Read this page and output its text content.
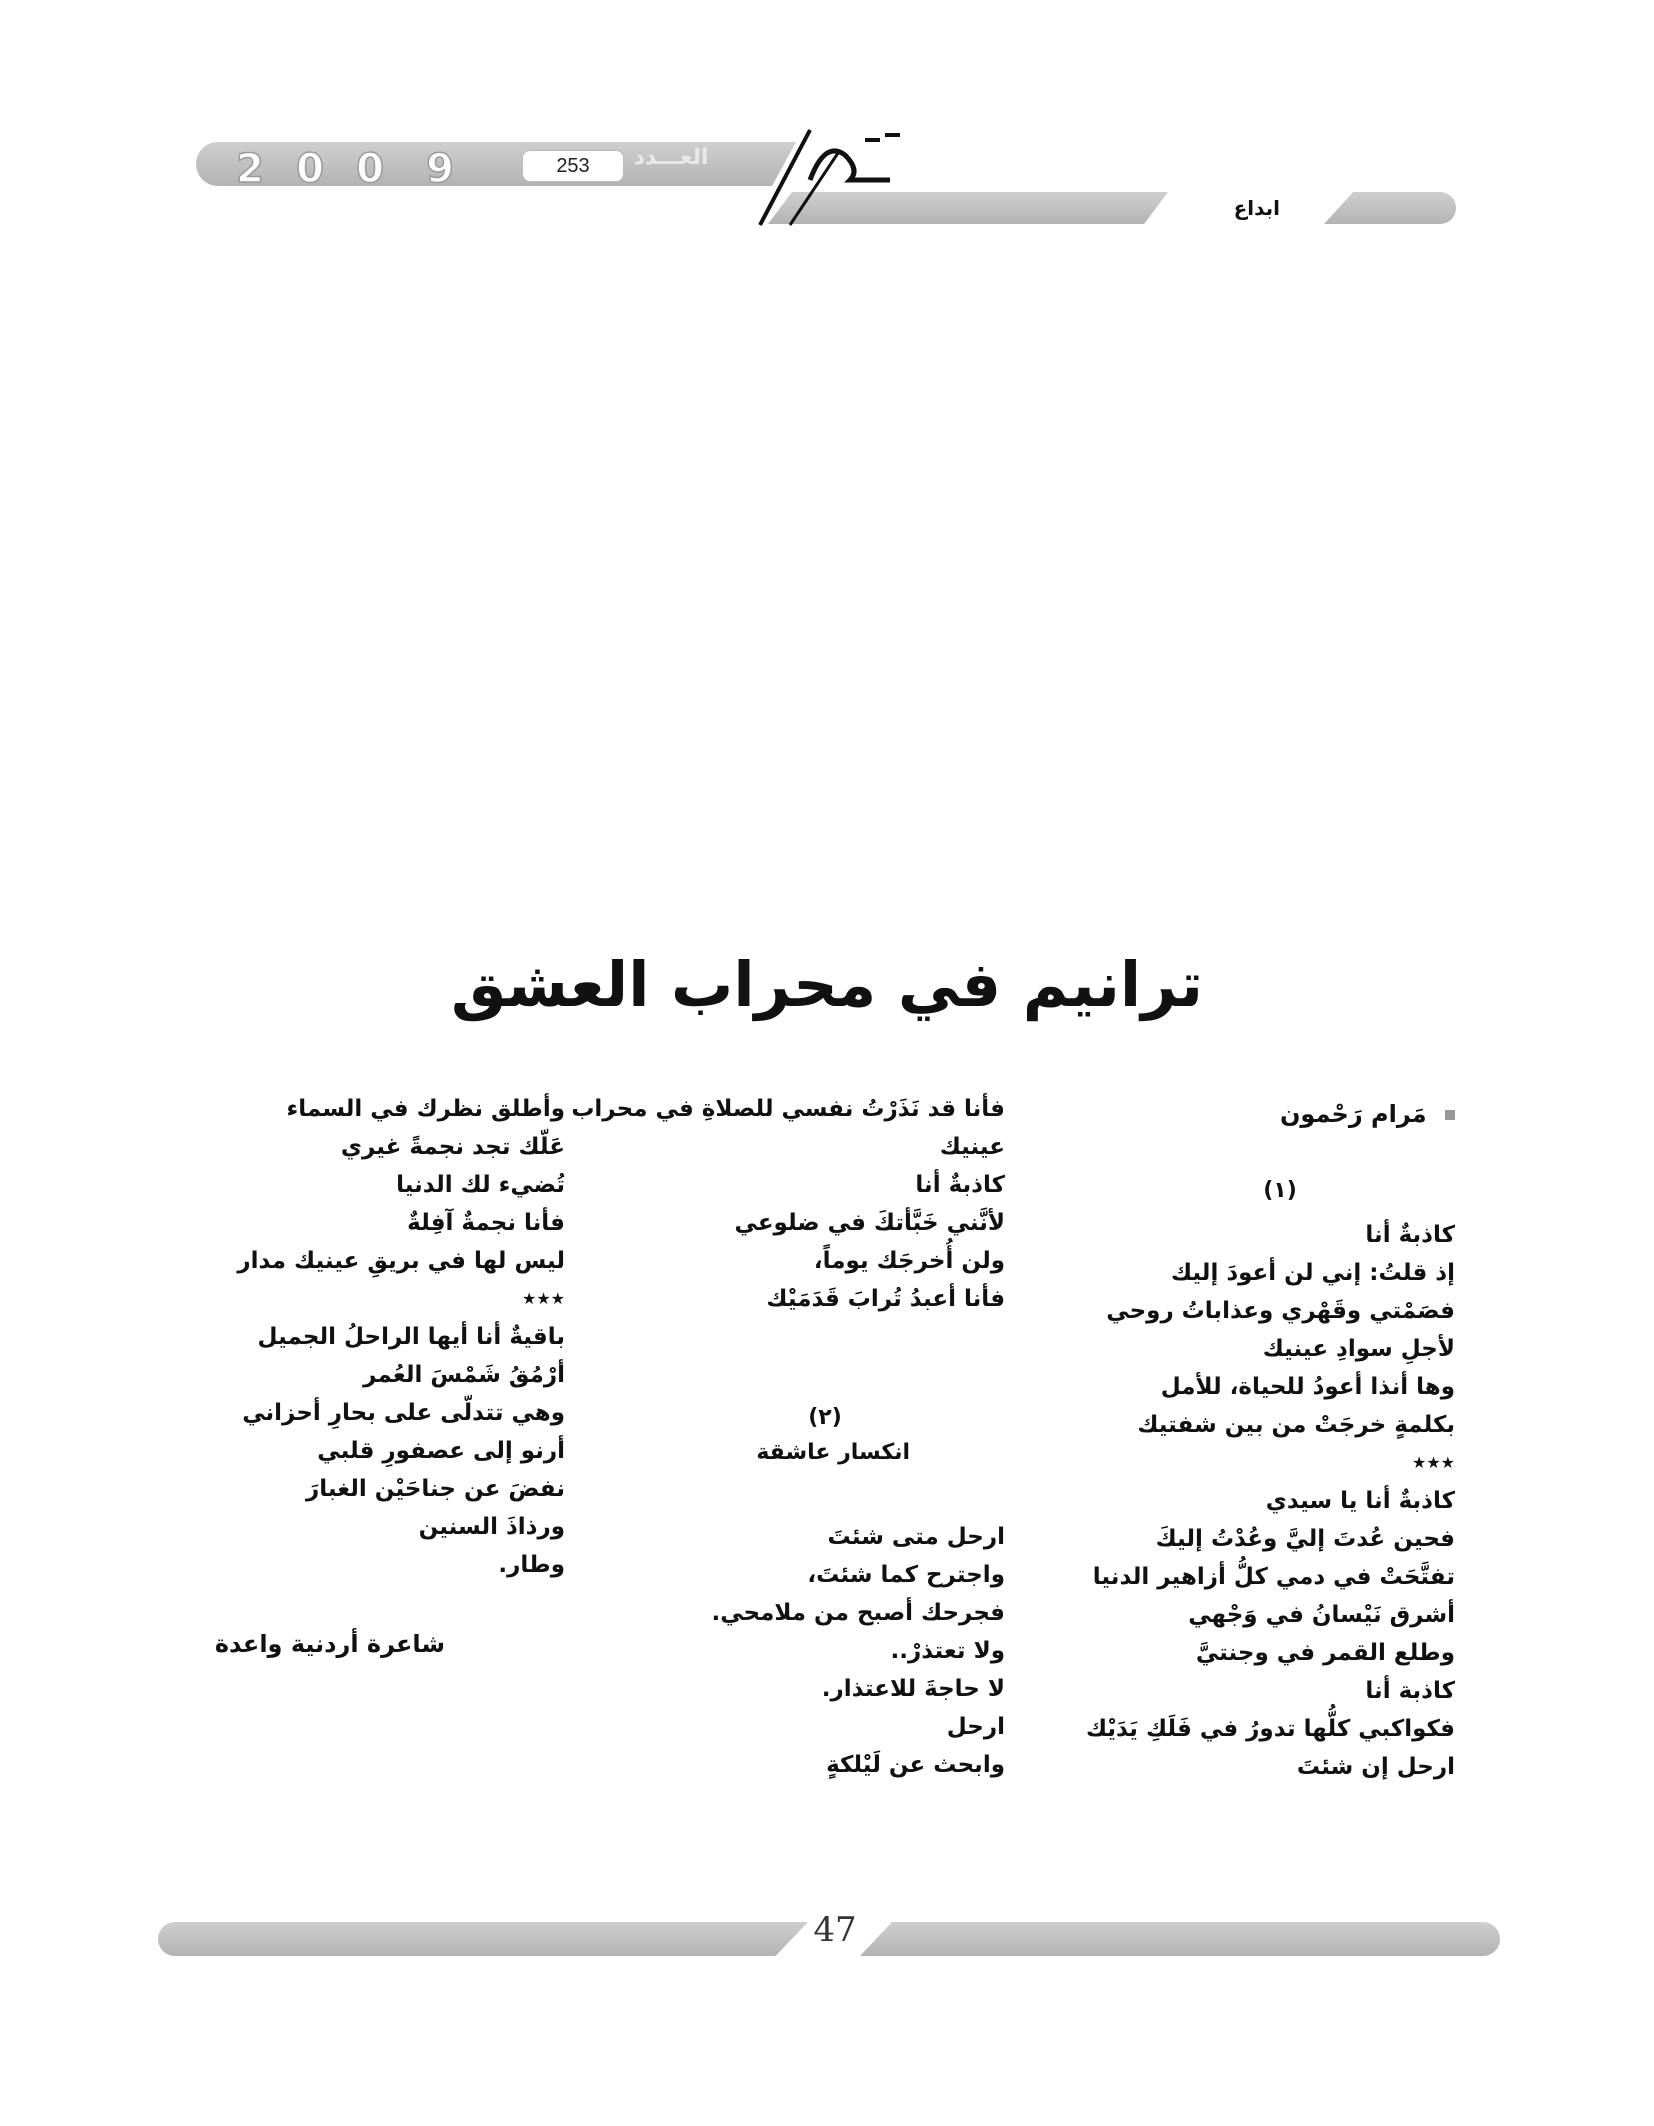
2 0 0 9	253	العـــدد
ابداع
ترانيم في محراب العشق
مَرام رَحْمون
(١)
كاذبةٌ أنا
إذ قلتُ: إني لن أعودَ إليك
فصَمْتي وقَهْري وعذاباتُ روحي
لأجلِ سوادِ عينيك
وها أنذا أعودُ للحياة، للأمل
بكلمةٍ خرجَتْ من بين شفتيك
★★★
كاذبةٌ أنا يا سيدي
فحين عُدتَ إليَّ وعُدْتُ إليكَ
تفتَّحَتْ في دمي كلُّ أزاهير الدنيا
أشرق نَيْسانُ في وَجْهي
وطلع القمر في وجنتيَّ
كاذبة أنا
فكواكبي كلُّها تدورُ في فَلَكِ يَدَيْك
ارحل إن شئتَ
فأنا قد نَذَرْتُ نفسي للصلاةِ في محراب
عينيك
كاذبةٌ أنا
لأنَّني خَبَّأتكَ في ضلوعي
ولن أُخرجَك يوماً،
فأنا أعبدُ تُرابَ قَدَمَيْك
(٢)
انكسار عاشقة
ارحل متى شئتَ
واجترح كما شئتَ،
فجرحك أصبح من ملامحي.
ولا تعتذرْ..
لا حاجةَ للاعتذار.
ارحل
وابحث عن لَيْلكةٍ
وأطلق نظرك في السماء
عَلّك تجد نجمةً غيري
تُضيء لك الدنيا
فأنا نجمةٌ آفِلةٌ
ليس لها في بريقِ عينيك مدار
★★★
باقيةٌ أنا أيها الراحلُ الجميل
أرْمُقُ شَمْسَ العُمر
وهي تتدلّى على بحارِ أحزاني
أرنو إلى عصفورِ قلبي
نفضَ عن جناحَيْن الغبارَ
ورذاذَ السنين
وطار.
شاعرة أردنية واعدة
47
